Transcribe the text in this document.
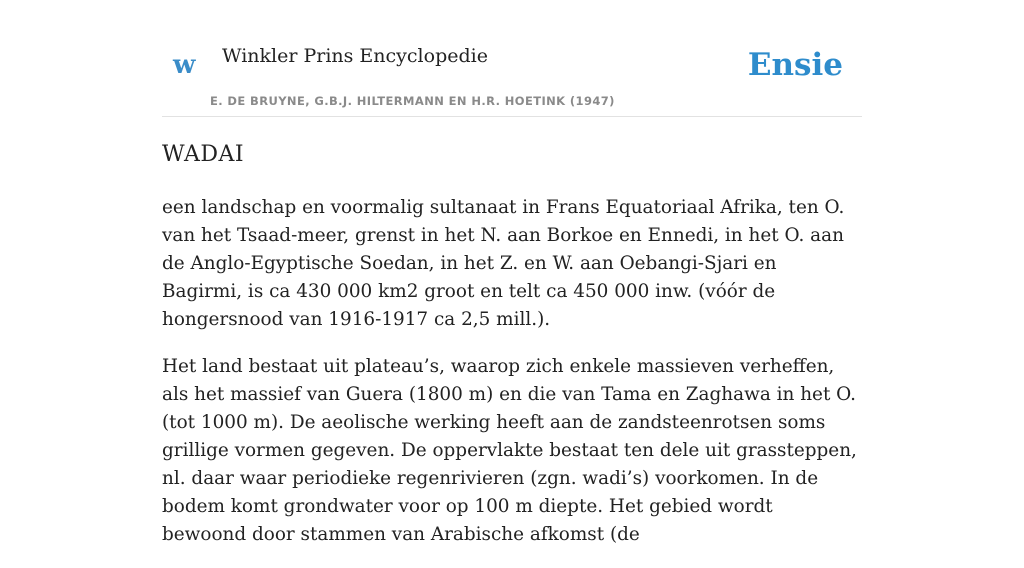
w Winkler Prins Encyclopedie
E. DE BRUYNE, G.B.J. HILTERMANN EN H.R. HOETINK (1947)
Ensie
WADAI

een landschap en voormalig sultanaat in Frans Equatoriaal Afrika, ten O. van het Tsaad-meer, grenst in het N. aan Borkoe en Ennedi, in het O. aan de Anglo-Egyptische Soedan, in het Z. en W. aan Oebangi-Sjari en Bagirmi, is ca 430 000 km2 groot en telt ca 450 000 inw. (vóór de hongersnood van 1916-1917 ca 2,5 mill.).

Het land bestaat uit plateau’s, waarop zich enkele massieven verheffen, als het massief van Guera (1800 m) en die van Tama en Zaghawa in het O. (tot 1000 m). De aeolische werking heeft aan de zandsteenrotsen soms grillige vormen gegeven. De oppervlakte bestaat ten dele uit grassteppen, nl. daar waar periodieke regenrivieren (zgn. wadi’s) voorkomen. In de bodem komt grondwater voor op 100 m diepte. Het gebied wordt bewoond door stammen van Arabische afkomst (de
